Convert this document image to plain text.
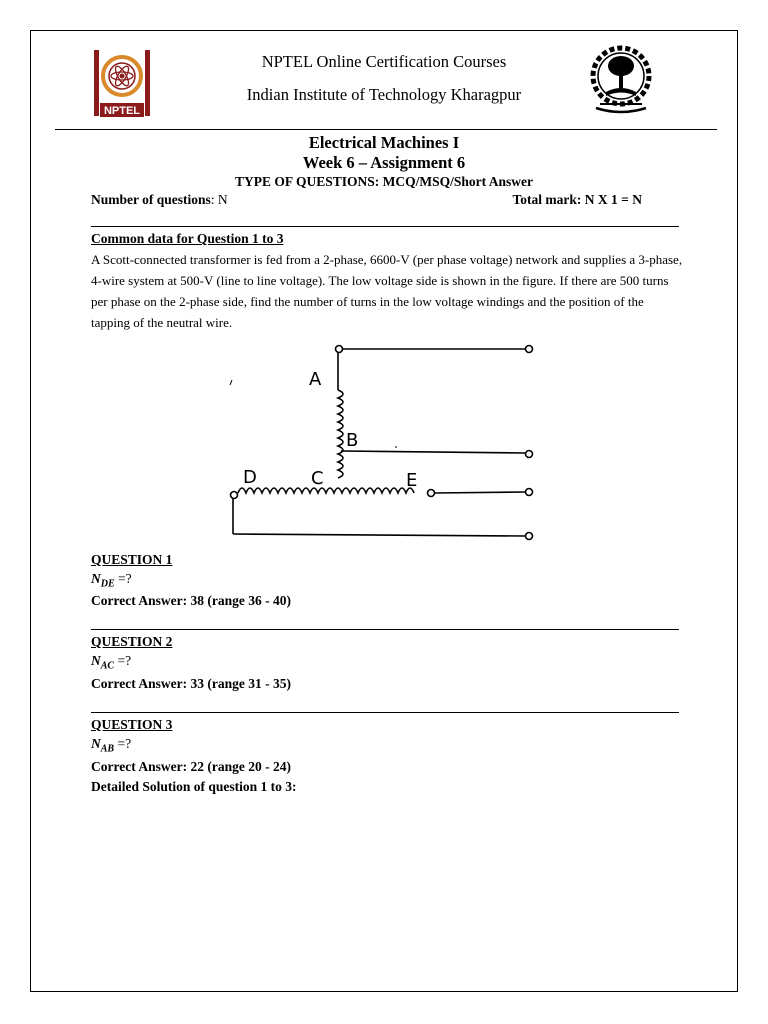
NPTEL
NPTEL Online Certification Courses
Indian Institute of Technology Kharagpur
Electrical Machines I
Week 6 – Assignment 6
TYPE OF QUESTIONS: MCQ/MSQ/Short Answer
Number of questions: N	Total mark: N X 1 = N
Common data for Question 1 to 3
A Scott-connected transformer is fed from a 2-phase, 6600-V (per phase voltage) network and supplies a 3-phase, 4-wire system at 500-V (line to line voltage). The low voltage side is shown in the figure. If there are 500 turns per phase on the 2-phase side, find the number of turns in the low voltage windings and the position of the tapping of the neutral wire.
A
B
C
D	E
QUESTION 1
$N_{DE}$ =?
Correct Answer: 38 (range 36 - 40)
QUESTION 2
$N_{AC}$ =?
Correct Answer: 33 (range 31 - 35)
QUESTION 3
$N_{AB}$ =?
Correct Answer: 22 (range 20 - 24)
Detailed Solution of question 1 to 3:
